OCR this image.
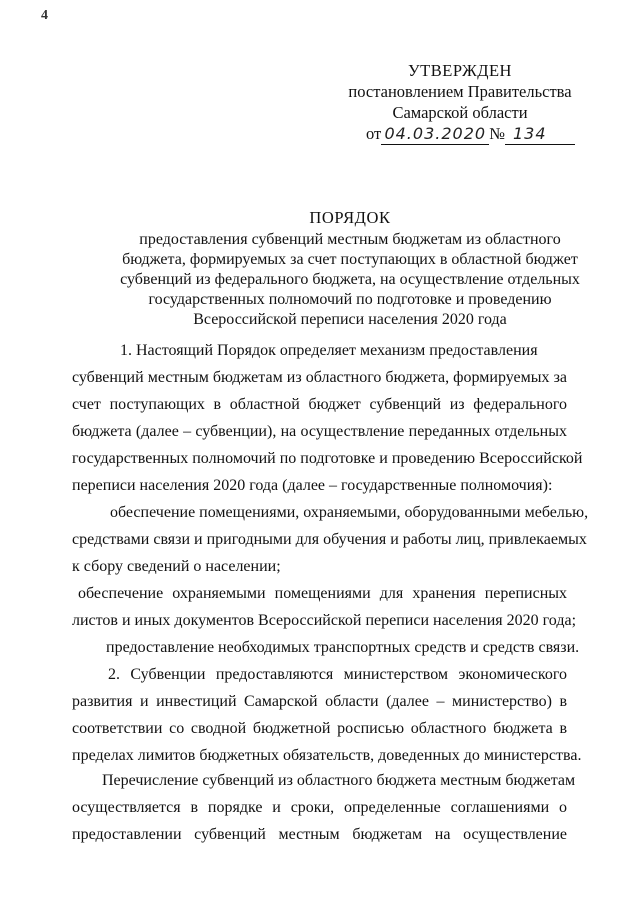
4
УТВЕРЖДЕН
постановлением Правительства
Самарской области
от 04.03.2020 № 134
ПОРЯДОК
предоставления субвенций местным бюджетам из областного
бюджета, формируемых за счет поступающих в областной бюджет
субвенций из федерального бюджета, на осуществление отдельных
государственных полномочий по подготовке и проведению
Всероссийской переписи населения 2020 года
1. Настоящий Порядок определяет механизм предоставления
субвенций местным бюджетам из областного бюджета, формируемых за
счет поступающих в областной бюджет субвенций из федерального
бюджета (далее – субвенции), на осуществление переданных отдельных
государственных полномочий по подготовке и проведению Всероссийской
переписи населения 2020 года (далее – государственные полномочия):
обеспечение помещениями, охраняемыми, оборудованными мебелью,
средствами связи и пригодными для обучения и работы лиц, привлекаемых
к сбору сведений о населении;
обеспечение охраняемыми помещениями для хранения переписных
листов и иных документов Всероссийской переписи населения 2020 года;
предоставление необходимых транспортных средств и средств связи.
2. Субвенции предоставляются министерством экономического
развития и инвестиций Самарской области (далее – министерство) в
соответствии со сводной бюджетной росписью областного бюджета в
пределах лимитов бюджетных обязательств, доведенных до министерства.
Перечисление субвенций из областного бюджета местным бюджетам
осуществляется в порядке и сроки, определенные соглашениями о
предоставлении субвенций местным бюджетам на осуществление
